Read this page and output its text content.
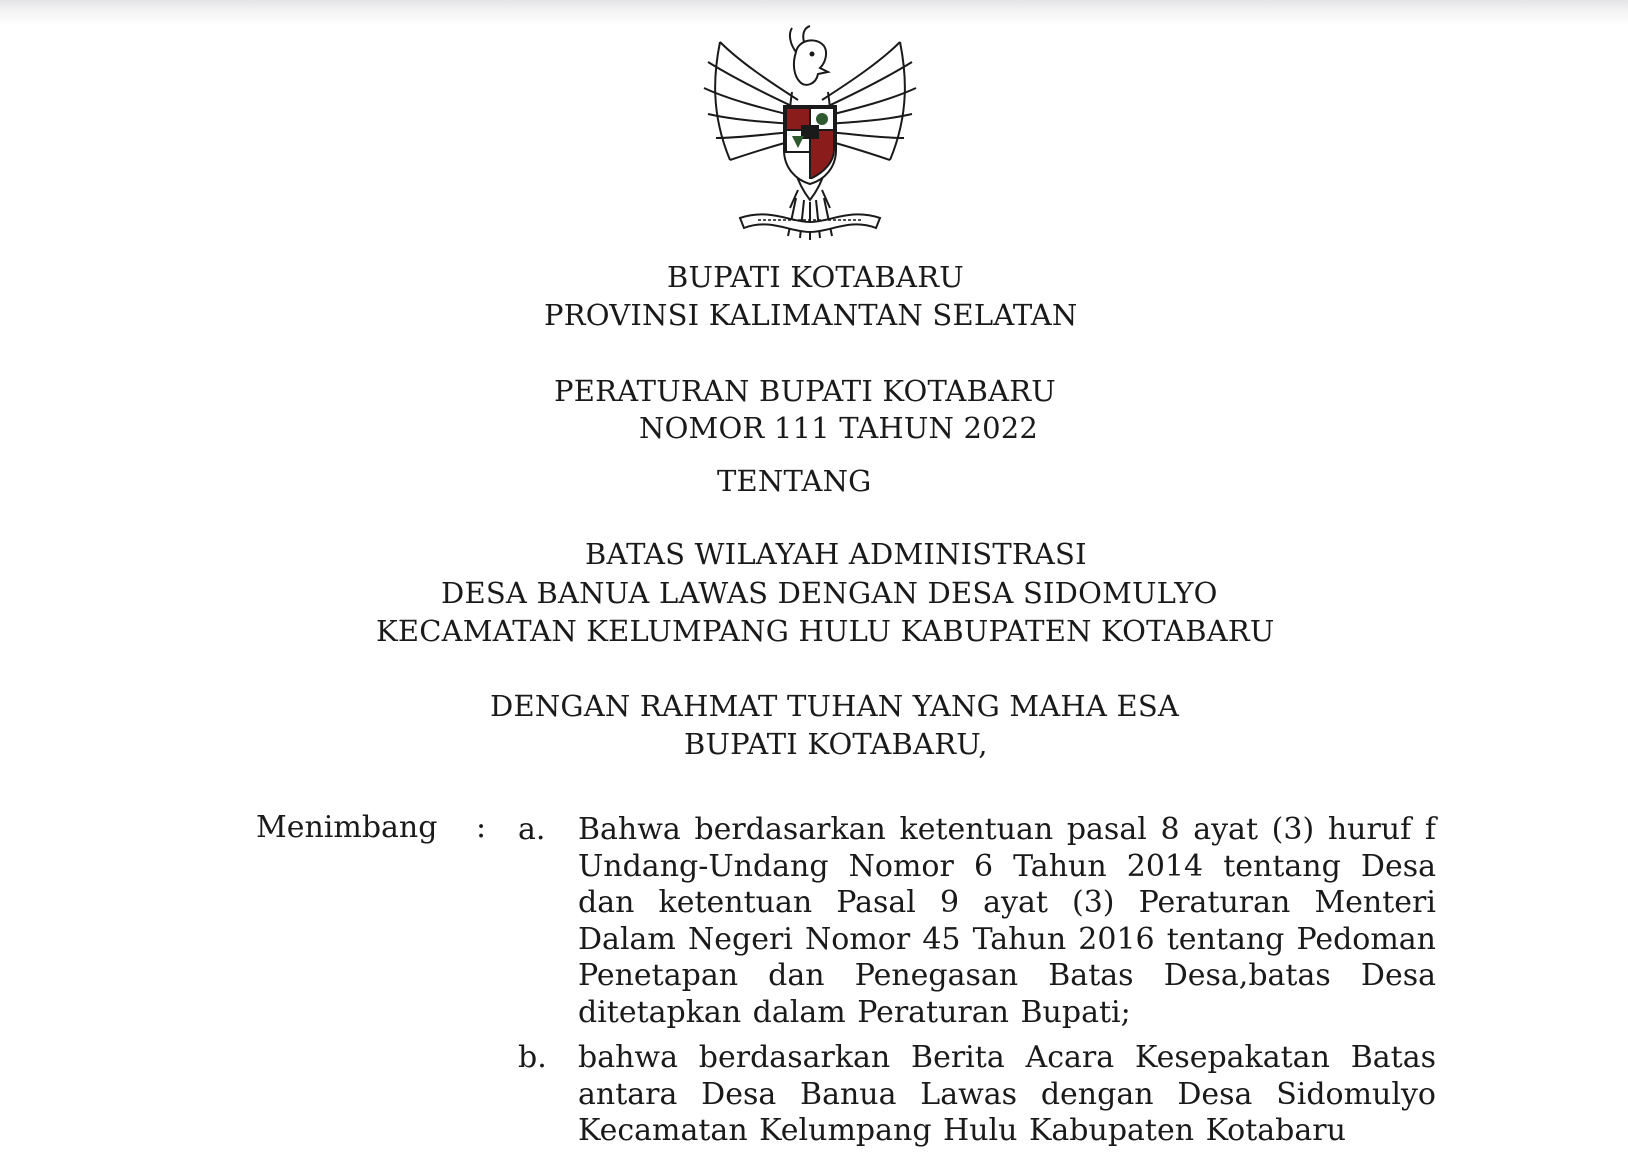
BUPATI KOTABARU
PROVINSI KALIMANTAN SELATAN
PERATURAN BUPATI KOTABARU
NOMOR 111 TAHUN 2022
TENTANG
BATAS WILAYAH ADMINISTRASI
DESA BANUA LAWAS DENGAN DESA SIDOMULYO
KECAMATAN KELUMPANG HULU KABUPATEN KOTABARU
DENGAN RAHMAT TUHAN YANG MAHA ESA
BUPATI KOTABARU,
Menimbang : a. Bahwa berdasarkan ketentuan pasal 8 ayat (3) huruf f Undang-Undang Nomor 6 Tahun 2014 tentang Desa dan ketentuan Pasal 9 ayat (3) Peraturan Menteri Dalam Negeri Nomor 45 Tahun 2016 tentang Pedoman Penetapan dan Penegasan Batas Desa,batas Desa ditetapkan dalam Peraturan Bupati;
b. bahwa berdasarkan Berita Acara Kesepakatan Batas antara Desa Banua Lawas dengan Desa Sidomulyo Kecamatan Kelumpang Hulu Kabupaten Kotabaru
